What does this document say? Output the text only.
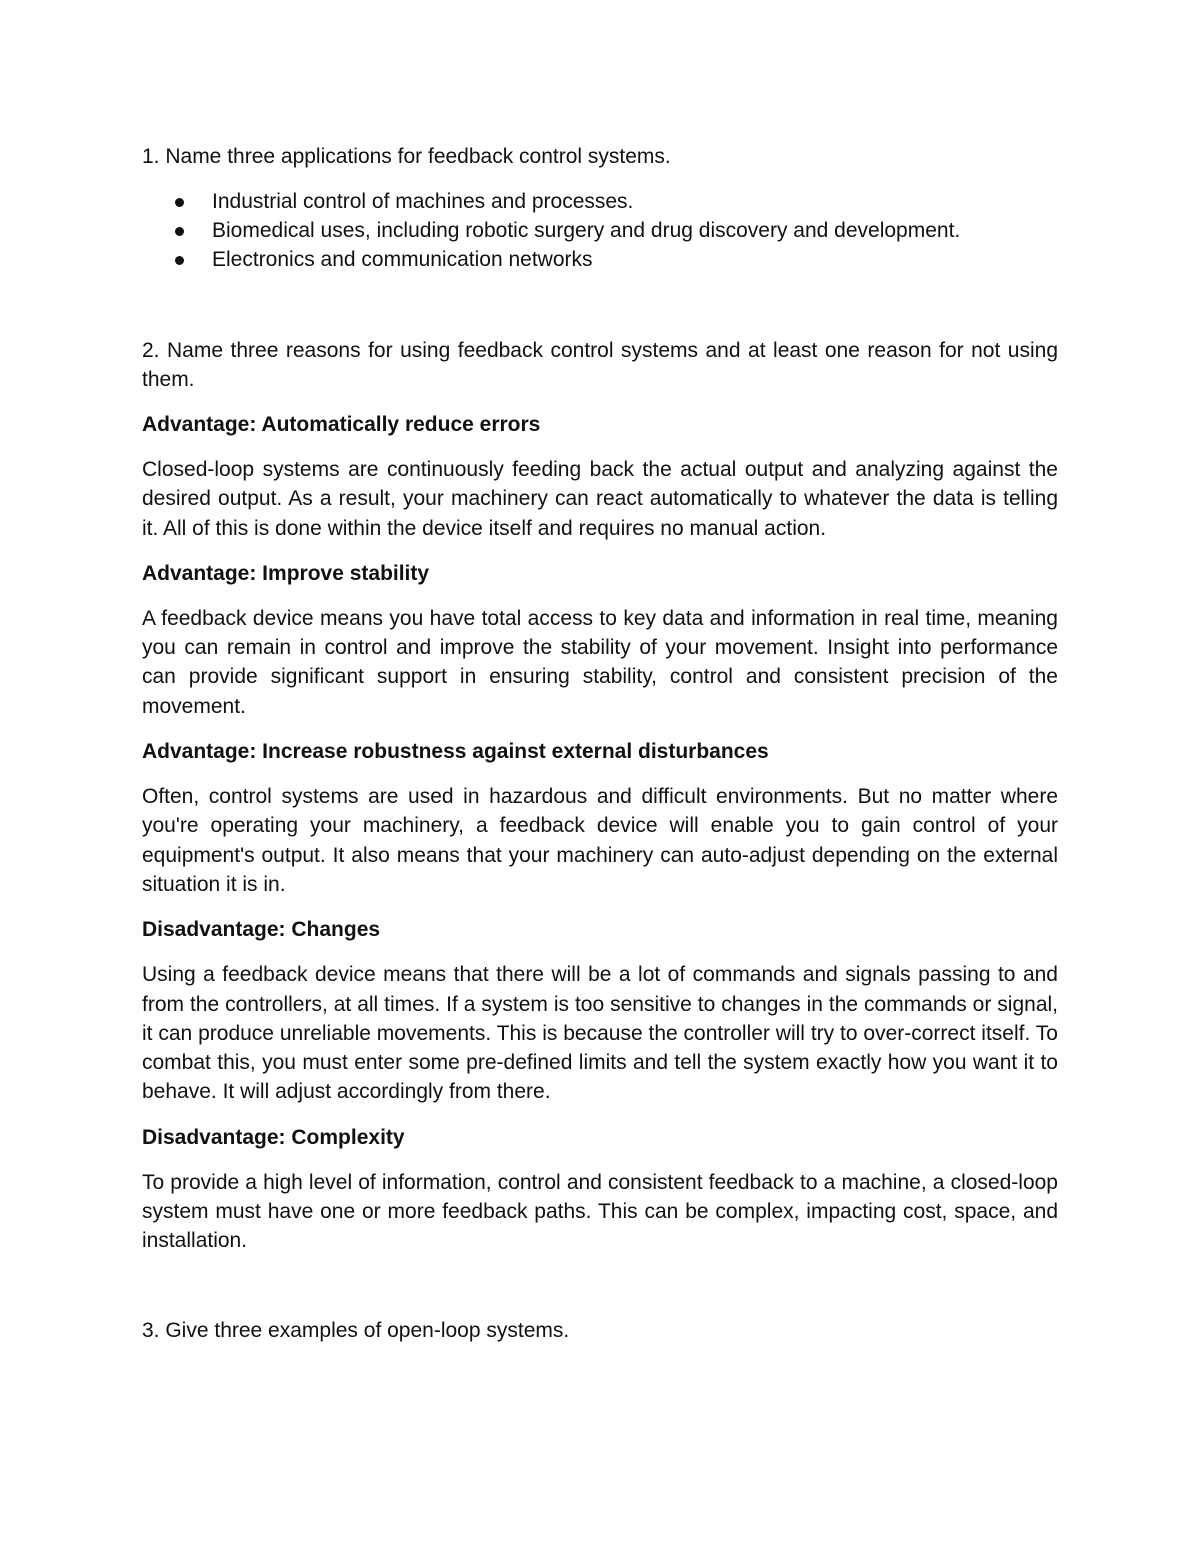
1. Name three applications for feedback control systems.

Industrial control of machines and processes.
Biomedical uses, including robotic surgery and drug discovery and development.
Electronics and communication networks

2. Name three reasons for using feedback control systems and at least one reason for not using them.

Advantage: Automatically reduce errors

Closed-loop systems are continuously feeding back the actual output and analyzing against the desired output. As a result, your machinery can react automatically to whatever the data is telling it. All of this is done within the device itself and requires no manual action.

Advantage: Improve stability

A feedback device means you have total access to key data and information in real time, meaning you can remain in control and improve the stability of your movement. Insight into performance can provide significant support in ensuring stability, control and consistent precision of the movement.

Advantage: Increase robustness against external disturbances

Often, control systems are used in hazardous and difficult environments. But no matter where you're operating your machinery, a feedback device will enable you to gain control of your equipment's output. It also means that your machinery can auto-adjust depending on the external situation it is in.

Disadvantage: Changes

Using a feedback device means that there will be a lot of commands and signals passing to and from the controllers, at all times. If a system is too sensitive to changes in the commands or signal, it can produce unreliable movements. This is because the controller will try to over-correct itself. To combat this, you must enter some pre-defined limits and tell the system exactly how you want it to behave. It will adjust accordingly from there.

Disadvantage: Complexity

To provide a high level of information, control and consistent feedback to a machine, a closed-loop system must have one or more feedback paths. This can be complex, impacting cost, space, and installation.

3. Give three examples of open-loop systems.
